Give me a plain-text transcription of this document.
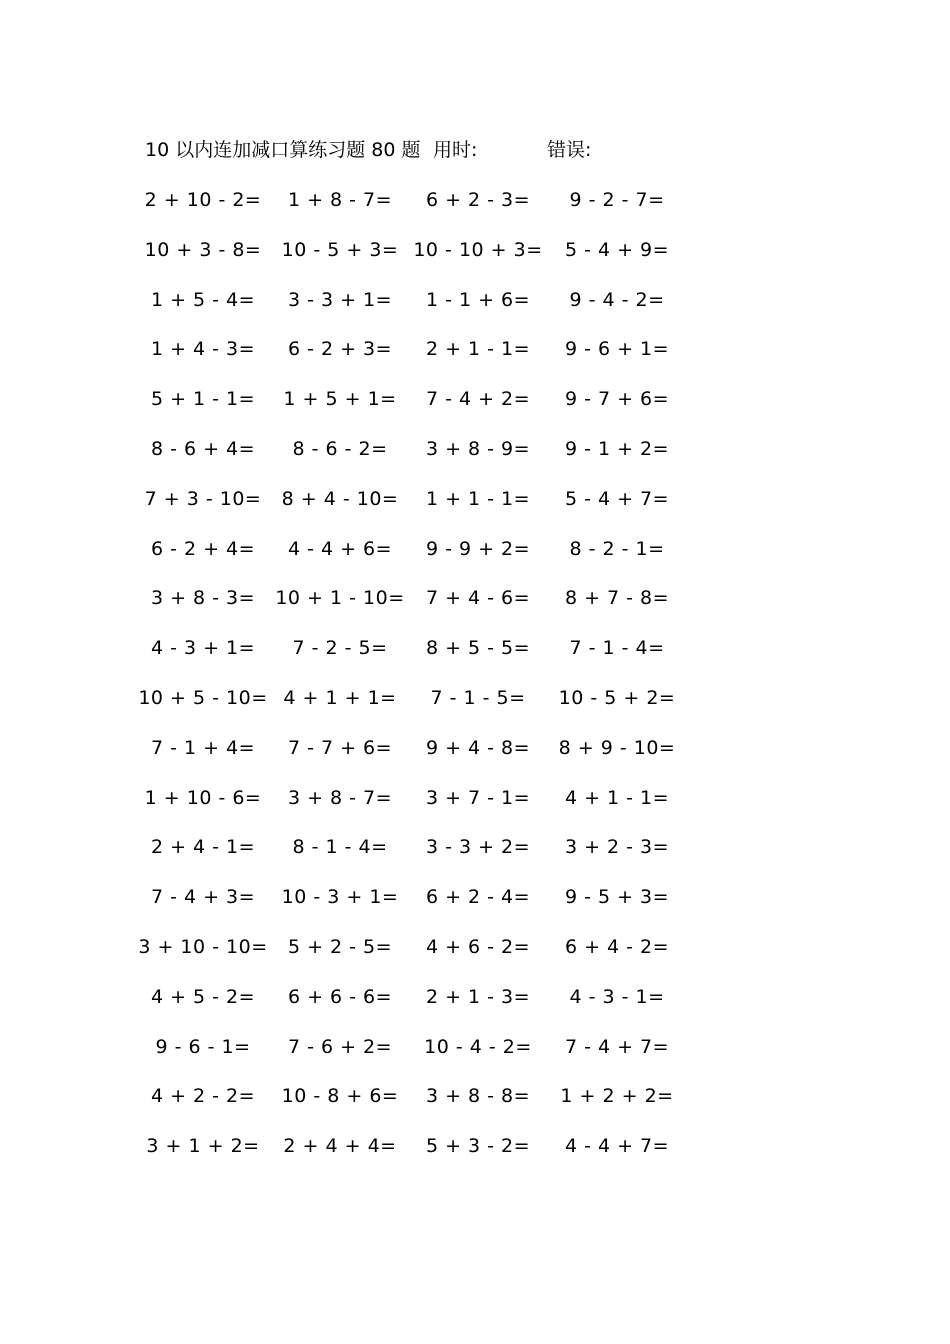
10 以内连加减口算练习题 80 题 用时:	错误:
2 + 10 - 2=	1 + 8 - 7=	6 + 2 - 3=	9 - 2 - 7=
10 + 3 - 8=	10 - 5 + 3= 10 - 10 + 3=	5 - 4 + 9=
1 + 5 - 4=	3 - 3 + 1=	1 - 1 + 6=	9 - 4 - 2=
1 + 4 - 3=	6 - 2 + 3=	2 + 1 - 1=	9 - 6 + 1=
5 + 1 - 1=	1 + 5 + 1=	7 - 4 + 2=	9 - 7 + 6=
8 - 6 + 4=	8 - 6 - 2=	3 + 8 - 9=	9 - 1 + 2=
7 + 3 - 10=	8 + 4 - 10=	1 + 1 - 1=	5 - 4 + 7=
6 - 2 + 4=	4 - 4 + 6=	9 - 9 + 2=	8 - 2 - 1=
3 + 8 - 3=	10 + 1 - 10=	7 + 4 - 6=	8 + 7 - 8=
4 - 3 + 1=	7 - 2 - 5=	8 + 5 - 5=	7 - 1 - 4=
10 + 5 - 10= 4 + 1 + 1=	7 - 1 - 5=	10 - 5 + 2=
7 - 1 + 4=	7 - 7 + 6=	9 + 4 - 8=	8 + 9 - 10=
1 + 10 - 6=	3 + 8 - 7=	3 + 7 - 1=	4 + 1 - 1=
2 + 4 - 1=	8 - 1 - 4=	3 - 3 + 2=	3 + 2 - 3=
7 - 4 + 3=	10 - 3 + 1=	6 + 2 - 4=	9 - 5 + 3=
3 + 10 - 10=	5 + 2 - 5=	4 + 6 - 2=	6 + 4 - 2=
4 + 5 - 2=	6 + 6 - 6=	2 + 1 - 3=	4 - 3 - 1=
9 - 6 - 1=	7 - 6 + 2=	10 - 4 - 2=	7 - 4 + 7=
4 + 2 - 2=	10 - 8 + 6=	3 + 8 - 8=	1 + 2 + 2=
3 + 1 + 2=	2 + 4 + 4=	5 + 3 - 2=	4 - 4 + 7=
